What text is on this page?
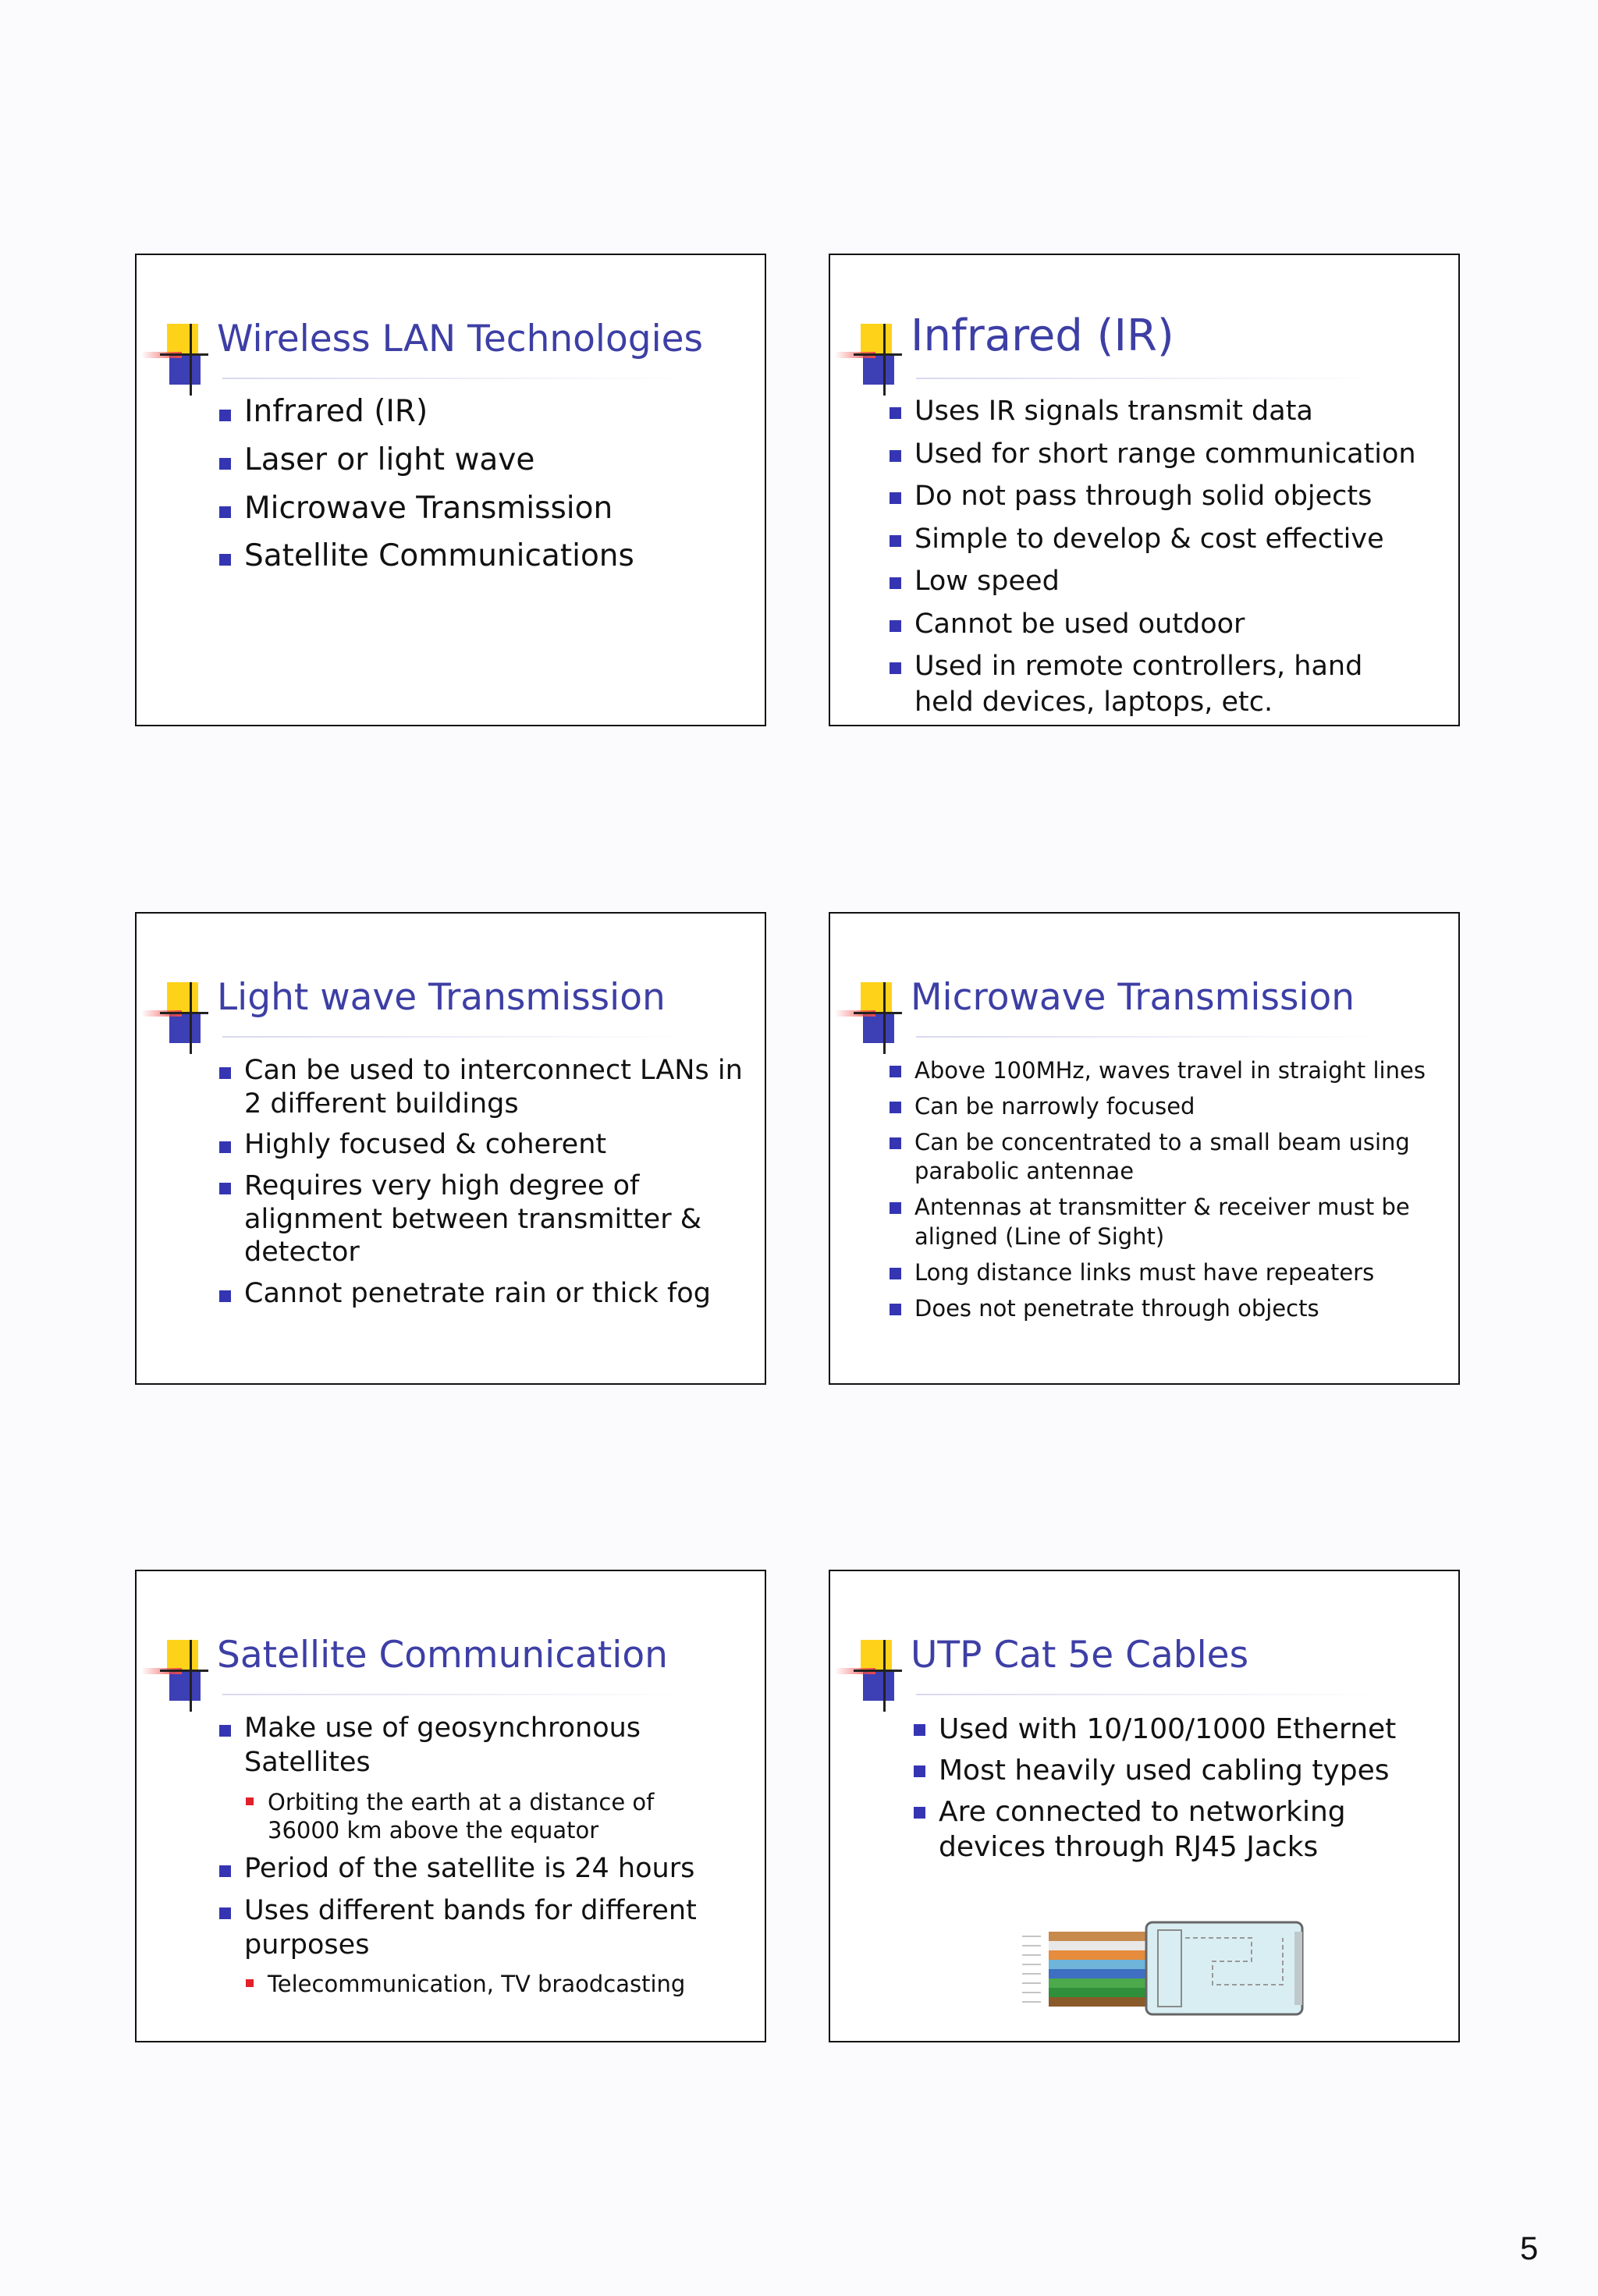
Wireless LAN Technologies
Infrared (IR)
Laser or light wave
Microwave Transmission
Satellite Communications
Infrared (IR)
Uses IR signals transmit data
Used for short range communication
Do not pass through solid objects
Simple to develop & cost effective
Low speed
Cannot be used outdoor
Used in remote controllers, hand held devices, laptops, etc.
Light wave Transmission
Can be used to interconnect LANs in 2 different buildings
Highly focused & coherent
Requires very high degree of alignment between transmitter & detector
Cannot penetrate rain or thick fog
Microwave Transmission
Above 100MHz, waves travel in straight lines
Can be narrowly focused
Can be concentrated to a small beam using parabolic antennae
Antennas at transmitter & receiver must be aligned (Line of Sight)
Long distance links must have repeaters
Does not penetrate through objects
Satellite Communication
Make use of geosynchronous Satellites
Orbiting the earth at a distance of 36000 km above the equator
Period of the satellite is 24 hours
Uses different bands for different purposes
Telecommunication, TV braodcasting
UTP Cat 5e Cables
Used with 10/100/1000 Ethernet
Most heavily used cabling types
Are connected to networking devices through RJ45 Jacks
5
